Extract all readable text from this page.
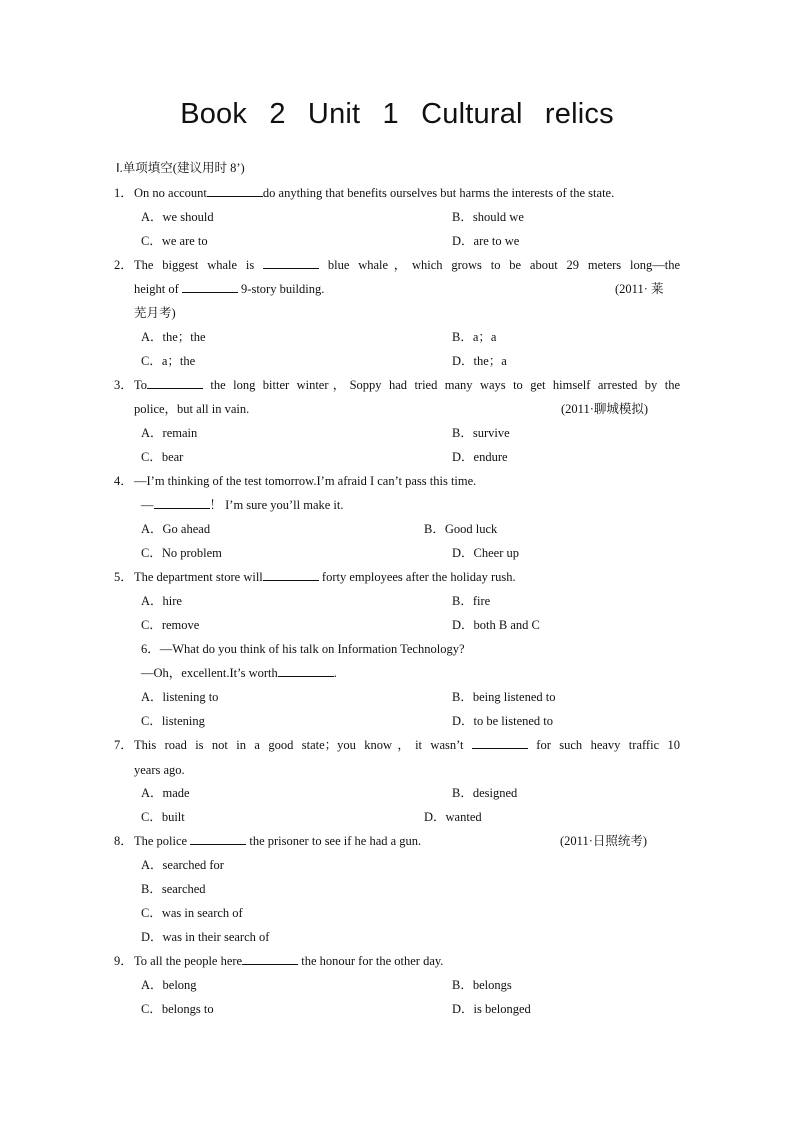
Book 2 Unit 1 Cultural relics
Ⅰ.单项填空(建议用时 8’)
1． On no account	do anything that benefits ourselves but harms the interests of the state.
A．we should	B．should we
C．we are to	D．are to we
2． The biggest whale is	blue whale，which grows to be about 29 meters long—the
height of	9-story building.	(2011· 莱
芜月考)
A．the；the	B．a；a
C．a；the	D．the；a
3． To	the long bitter winter，Soppy had tried many ways to get himself arrested by the
police，but all in vain.	(2011·聊城模拟)
A．remain	B．survive
C．bear	D．endure
4． —I’m thinking of the test tomorrow.I’m afraid I can’t pass this time.
—	！ I’m sure you’ll make it.
A．Go ahead	B．Good luck
C．No problem	D．Cheer up
5． The department store will	forty employees after the holiday rush.
A．hire	B．fire
C．remove	D．both B and C
6．—What do you think of his talk on Information Technology?
—Oh，excellent.It’s worth	.
A．listening to	B．being listened to
C．listening	D．to be listened to
7． This road is not in a good state；you know，it wasn’t	for such heavy traffic 10
years ago.
A．made	B．designed
C．built	D．wanted
8． The police	the prisoner to see if he had a gun.	(2011·日照统考)
A．searched for
B．searched
C．was in search of
D．was in their search of
9． To all the people here	the honour for the other day.
A．belong	B．belongs
C．belongs to	D．is belonged
